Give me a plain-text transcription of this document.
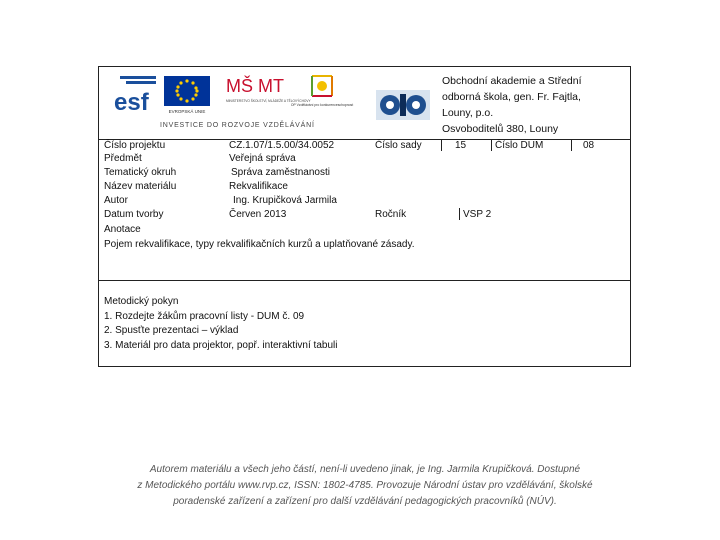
esf	EVROPSKÁ UNIE
MŠ MT
MINISTERSTVO ŠKOLSTVÍ, MLÁDEŽE A TĚLOVÝCHOVY
OP Vzdělávání pro konkurenceschopnost
INVESTICE DO ROZVOJE VZDĚLÁVÁNÍ
Obchodní akademie a Střední
odborná škola, gen. Fr. Fajtla,
Louny, p.o.
Osvoboditelů 380, Louny
Číslo projektu	CZ.1.07/1.5.00/34.0052	Číslo sady	15	Číslo DUM	08
Předmět	Veřejná správa
Tematický okruh	Správa zaměstnanosti
Název materiálu	Rekvalifikace
Autor	Ing. Krupičková Jarmila
Datum tvorby	Červen 2013	Ročník	VSP 2
Anotace
Pojem rekvalifikace, typy rekvalifikačních kurzů a uplatňované zásady.
Metodický pokyn
1. Rozdejte žákům pracovní listy - DUM č. 09
2. Spusťte prezentaci – výklad
3. Materiál pro data projektor, popř. interaktivní tabuli
Autorem materiálu a všech jeho částí, není-li uvedeno jinak, je Ing. Jarmila Krupičková. Dostupné
z Metodického portálu www.rvp.cz, ISSN: 1802-4785. Provozuje Národní ústav pro vzdělávání, školské
poradenské zařízení a zařízení pro další vzdělávání pedagogických pracovníků (NÚV).
